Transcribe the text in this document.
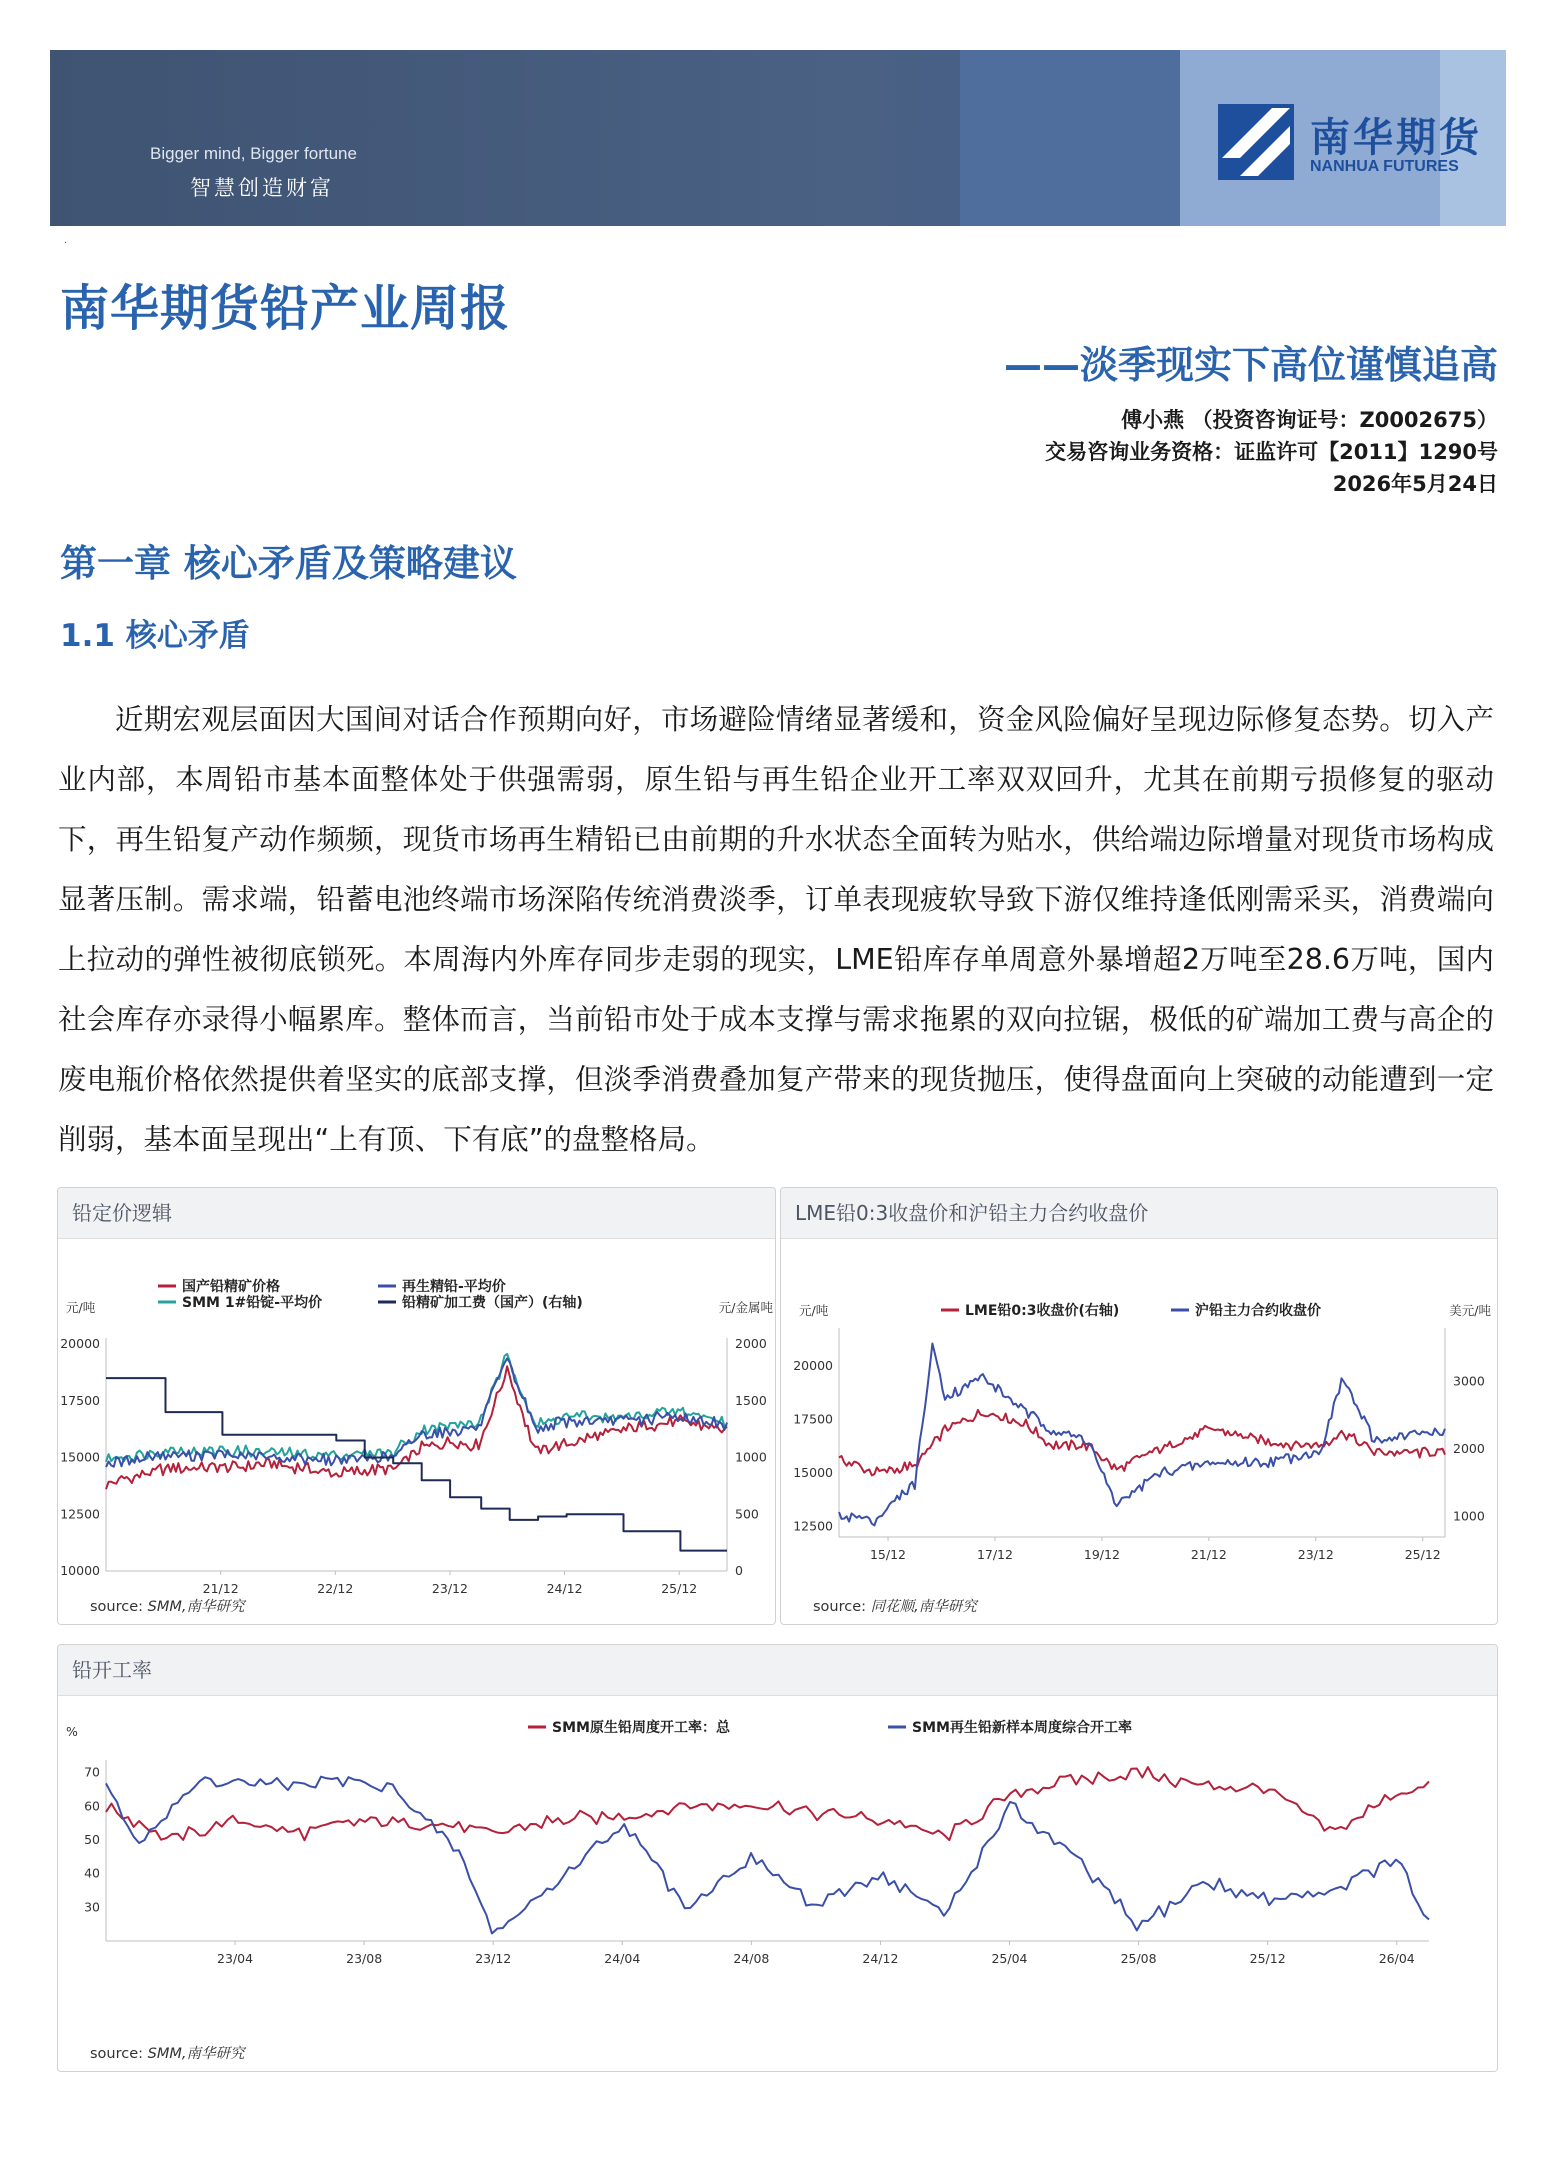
Bigger mind, Bigger fortune
智慧创造财富
南华期货
NANHUA FUTURES
·
南华期货铅产业周报
——淡季现实下高位谨慎追高
傅小燕 （投资咨询证号：Z0002675）
交易咨询业务资格：证监许可【2011】1290号
2026年5月24日
第一章 核心矛盾及策略建议
1.1 核心矛盾
近期宏观层面因大国间对话合作预期向好，市场避险情绪显著缓和，资金风险偏好呈现边际修复态势。切入产业内部，本周铅市基本面整体处于供强需弱，原生铅与再生铅企业开工率双双回升，尤其在前期亏损修复的驱动下，再生铅复产动作频频，现货市场再生精铅已由前期的升水状态全面转为贴水，供给端边际增量对现货市场构成显著压制。需求端，铅蓄电池终端市场深陷传统消费淡季，订单表现疲软导致下游仅维持逢低刚需采买，消费端向上拉动的弹性被彻底锁死。本周海内外库存同步走弱的现实，LME铅库存单周意外暴增超2万吨至28.6万吨，国内社会库存亦录得小幅累库。整体而言，当前铅市处于成本支撑与需求拖累的双向拉锯，极低的矿端加工费与高企的废电瓶价格依然提供着坚实的底部支撑，但淡季消费叠加复产带来的现货抛压，使得盘面向上突破的动能遭到一定削弱，基本面呈现出“上有顶、下有底”的盘整格局。
铅定价逻辑
元/吨	元/金属吨
20000
17500
15000
12500
10000
2000
1500
1000
500
0
21/12	22/12	23/12	24/12	25/12
国产铅精矿价格
SMM 1#铅锭-平均价
再生精铅-平均价
铅精矿加工费（国产）(右轴)
source: SMM,南华研究
LME铅0:3收盘价和沪铅主力合约收盘价
元/吨	美元/吨
20000
17500
15000
12500
3000
2000
1000
15/12	17/12	19/12	21/12	23/12	25/12
LME铅0:3收盘价(右轴)	沪铅主力合约收盘价
source: 同花顺,南华研究
铅开工率
%
70
60
50
40
30
23/04	23/08	23/12	24/04	24/08	24/12	25/04	25/08	25/12	26/04
SMM原生铅周度开工率：总	SMM再生铅新样本周度综合开工率
source: SMM,南华研究
